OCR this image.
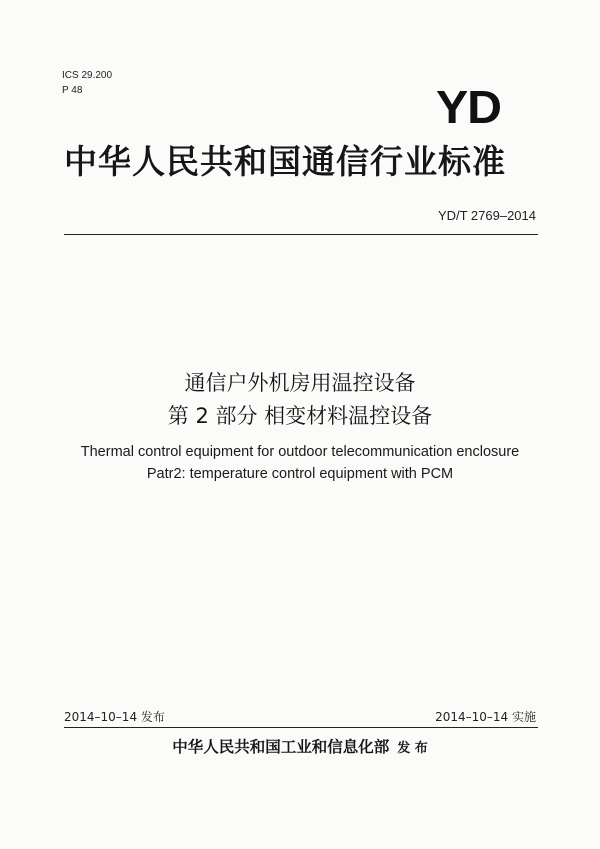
ICS 29.200
P 48	YD
中华人民共和国通信行业标准
YD/T 2769–2014
通信户外机房用温控设备
第 2 部分 相变材料温控设备
Thermal control equipment for outdoor telecommunication enclosure
Patr2: temperature control equipment with PCM
2014–10–14 发布	2014–10–14 实施
中华人民共和国工业和信息化部 发 布
